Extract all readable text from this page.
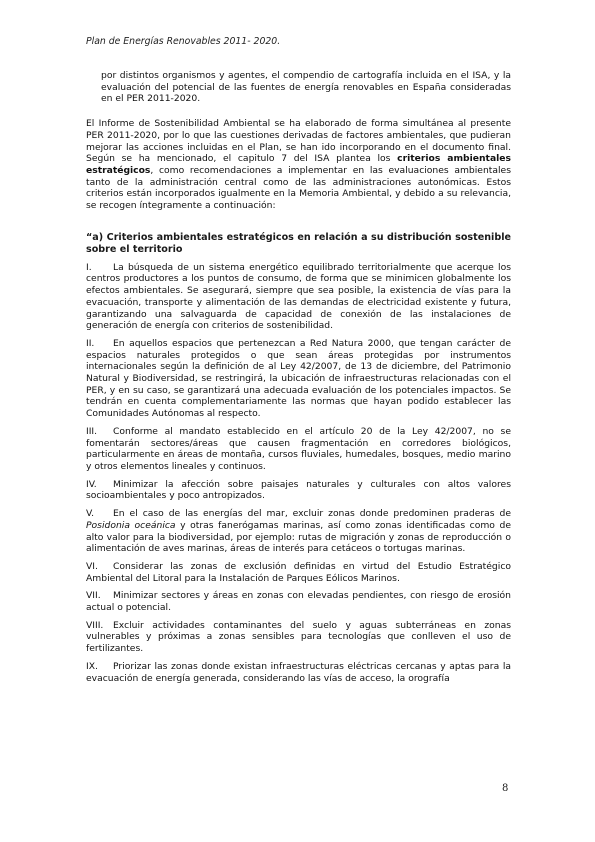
Plan de Energías Renovables 2011- 2020.

por distintos organismos y agentes, el compendio de cartografía incluida en el ISA, y la evaluación del potencial de las fuentes de energía renovables en España consideradas en el PER 2011-2020.

El Informe de Sostenibilidad Ambiental se ha elaborado de forma simultánea al presente PER 2011-2020, por lo que las cuestiones derivadas de factores ambientales, que pudieran mejorar las acciones incluidas en el Plan, se han ido incorporando en el documento final. Según se ha mencionado, el capitulo 7 del ISA plantea los criterios ambientales estratégicos, como recomendaciones a implementar en las evaluaciones ambientales tanto de la administración central como de las administraciones autonómicas. Estos criterios están incorporados igualmente en la Memoria Ambiental, y debido a su relevancia, se recogen íntegramente a continuación:

“a) Criterios ambientales estratégicos en relación a su distribución sostenible sobre el territorio

I. La búsqueda de un sistema energético equilibrado territorialmente que acerque los centros productores a los puntos de consumo, de forma que se minimicen globalmente los efectos ambientales. Se asegurará, siempre que sea posible, la existencia de vías para la evacuación, transporte y alimentación de las demandas de electricidad existente y futura, garantizando una salvaguarda de capacidad de conexión de las instalaciones de generación de energía con criterios de sostenibilidad.

II. En aquellos espacios que pertenezcan a Red Natura 2000, que tengan carácter de espacios naturales protegidos o que sean áreas protegidas por instrumentos internacionales según la definición de al Ley 42/2007, de 13 de diciembre, del Patrimonio Natural y Biodiversidad, se restringirá, la ubicación de infraestructuras relacionadas con el PER, y en su caso, se garantizará una adecuada evaluación de los potenciales impactos. Se tendrán en cuenta complementariamente las normas que hayan podido establecer las Comunidades Autónomas al respecto.

III. Conforme al mandato establecido en el artículo 20 de la Ley 42/2007, no se fomentarán sectores/áreas que causen fragmentación en corredores biológicos, particularmente en áreas de montaña, cursos fluviales, humedales, bosques, medio marino y otros elementos lineales y continuos.

IV. Minimizar la afección sobre paisajes naturales y culturales con altos valores socioambientales y poco antropizados.

V. En el caso de las energías del mar, excluir zonas donde predominen praderas de Posidonia oceánica y otras fanerógamas marinas, así como zonas identificadas como de alto valor para la biodiversidad, por ejemplo: rutas de migración y zonas de reproducción o alimentación de aves marinas, áreas de interés para cetáceos o tortugas marinas.

VI. Considerar las zonas de exclusión definidas en virtud del Estudio Estratégico Ambiental del Litoral para la Instalación de Parques Eólicos Marinos.

VII. Minimizar sectores y áreas en zonas con elevadas pendientes, con riesgo de erosión actual o potencial.

VIII. Excluir actividades contaminantes del suelo y aguas subterráneas en zonas vulnerables y próximas a zonas sensibles para tecnologías que conlleven el uso de fertilizantes.

IX. Priorizar las zonas donde existan infraestructuras eléctricas cercanas y aptas para la evacuación de energía generada, considerando las vías de acceso, la orografía

8
